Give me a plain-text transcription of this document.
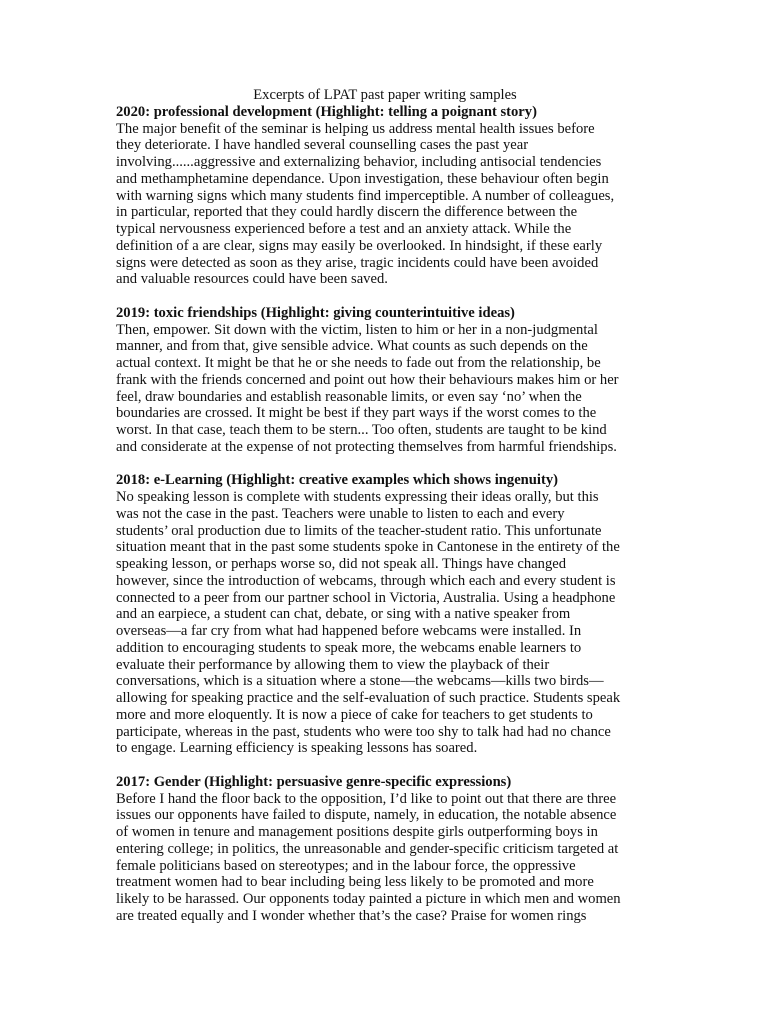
Excerpts of LPAT past paper writing samples

2020: professional development (Highlight: telling a poignant story)

The major benefit of the seminar is helping us address mental health issues before
they deteriorate. I have handled several counselling cases the past year
involving......aggressive and externalizing behavior, including antisocial tendencies
and methamphetamine dependance. Upon investigation, these behaviour often begin
with warning signs which many students find imperceptible. A number of colleagues,
in particular, reported that they could hardly discern the difference between the
typical nervousness experienced before a test and an anxiety attack. While the
definition of a are clear, signs may easily be overlooked. In hindsight, if these early
signs were detected as soon as they arise, tragic incidents could have been avoided
and valuable resources could have been saved.

2019: toxic friendships (Highlight: giving counterintuitive ideas)

Then, empower. Sit down with the victim, listen to him or her in a non-judgmental
manner, and from that, give sensible advice. What counts as such depends on the
actual context. It might be that he or she needs to fade out from the relationship, be
frank with the friends concerned and point out how their behaviours makes him or her
feel, draw boundaries and establish reasonable limits, or even say ‘no’ when the
boundaries are crossed. It might be best if they part ways if the worst comes to the
worst. In that case, teach them to be stern... Too often, students are taught to be kind
and considerate at the expense of not protecting themselves from harmful friendships.

2018: e-Learning (Highlight: creative examples which shows ingenuity)

No speaking lesson is complete with students expressing their ideas orally, but this
was not the case in the past. Teachers were unable to listen to each and every
students’ oral production due to limits of the teacher-student ratio. This unfortunate
situation meant that in the past some students spoke in Cantonese in the entirety of the
speaking lesson, or perhaps worse so, did not speak all. Things have changed
however, since the introduction of webcams, through which each and every student is
connected to a peer from our partner school in Victoria, Australia. Using a headphone
and an earpiece, a student can chat, debate, or sing with a native speaker from
overseas—a far cry from what had happened before webcams were installed. In
addition to encouraging students to speak more, the webcams enable learners to
evaluate their performance by allowing them to view the playback of their
conversations, which is a situation where a stone—the webcams—kills two birds—
allowing for speaking practice and the self-evaluation of such practice. Students speak
more and more eloquently. It is now a piece of cake for teachers to get students to
participate, whereas in the past, students who were too shy to talk had had no chance
to engage. Learning efficiency is speaking lessons has soared.

2017: Gender (Highlight: persuasive genre-specific expressions)

Before I hand the floor back to the opposition, I’d like to point out that there are three
issues our opponents have failed to dispute, namely, in education, the notable absence
of women in tenure and management positions despite girls outperforming boys in
entering college; in politics, the unreasonable and gender-specific criticism targeted at
female politicians based on stereotypes; and in the labour force, the oppressive
treatment women had to bear including being less likely to be promoted and more
likely to be harassed. Our opponents today painted a picture in which men and women
are treated equally and I wonder whether that’s the case? Praise for women rings
